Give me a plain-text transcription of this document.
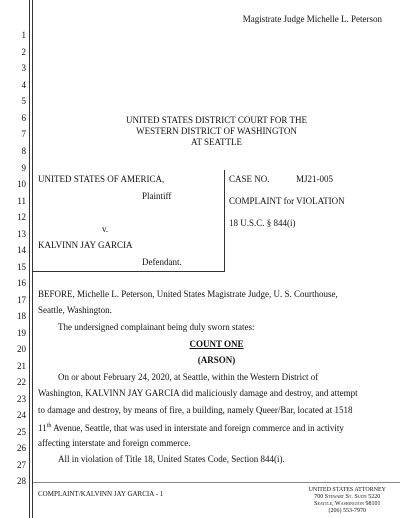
Magistrate Judge Michelle L. Peterson
1
2
3
4
5
6
7
8
9
10
11
12
13
14
15
16
17
18
19
20
21
22
23
24
25
26
27
28
UNITED STATES DISTRICT COURT FOR THE
WESTERN DISTRICT OF WASHINGTON
AT SEATTLE
UNITED STATES OF AMERICA,
Plaintiff
v.
KALVINN JAY GARCIA
Defendant.
CASE NO.	MJ21-005
COMPLAINT for VIOLATION
18 U.S.C. § 844(i)
BEFORE, Michelle L. Peterson, United States Magistrate Judge, U. S. Courthouse,
Seattle, Washington.
The undersigned complainant being duly sworn states:
COUNT ONE
(ARSON)
On or about February 24, 2020, at Seattle, within the Western District of
Washington, KALVINN JAY GARCIA did maliciously damage and destroy, and attempt
to damage and destroy, by means of fire, a building, namely Queer/Bar, located at 1518
11th Avenue, Seattle, that was used in interstate and foreign commerce and in activity
affecting interstate and foreign commerce.
All in violation of Title 18, United States Code, Section 844(i).
COMPLAINT/KALVINN JAY GARCIA - 1	UNITED STATES ATTORNEY
700 Stewart St. Suite 5220
Seattle, Washington 98101
(206) 553-7970
